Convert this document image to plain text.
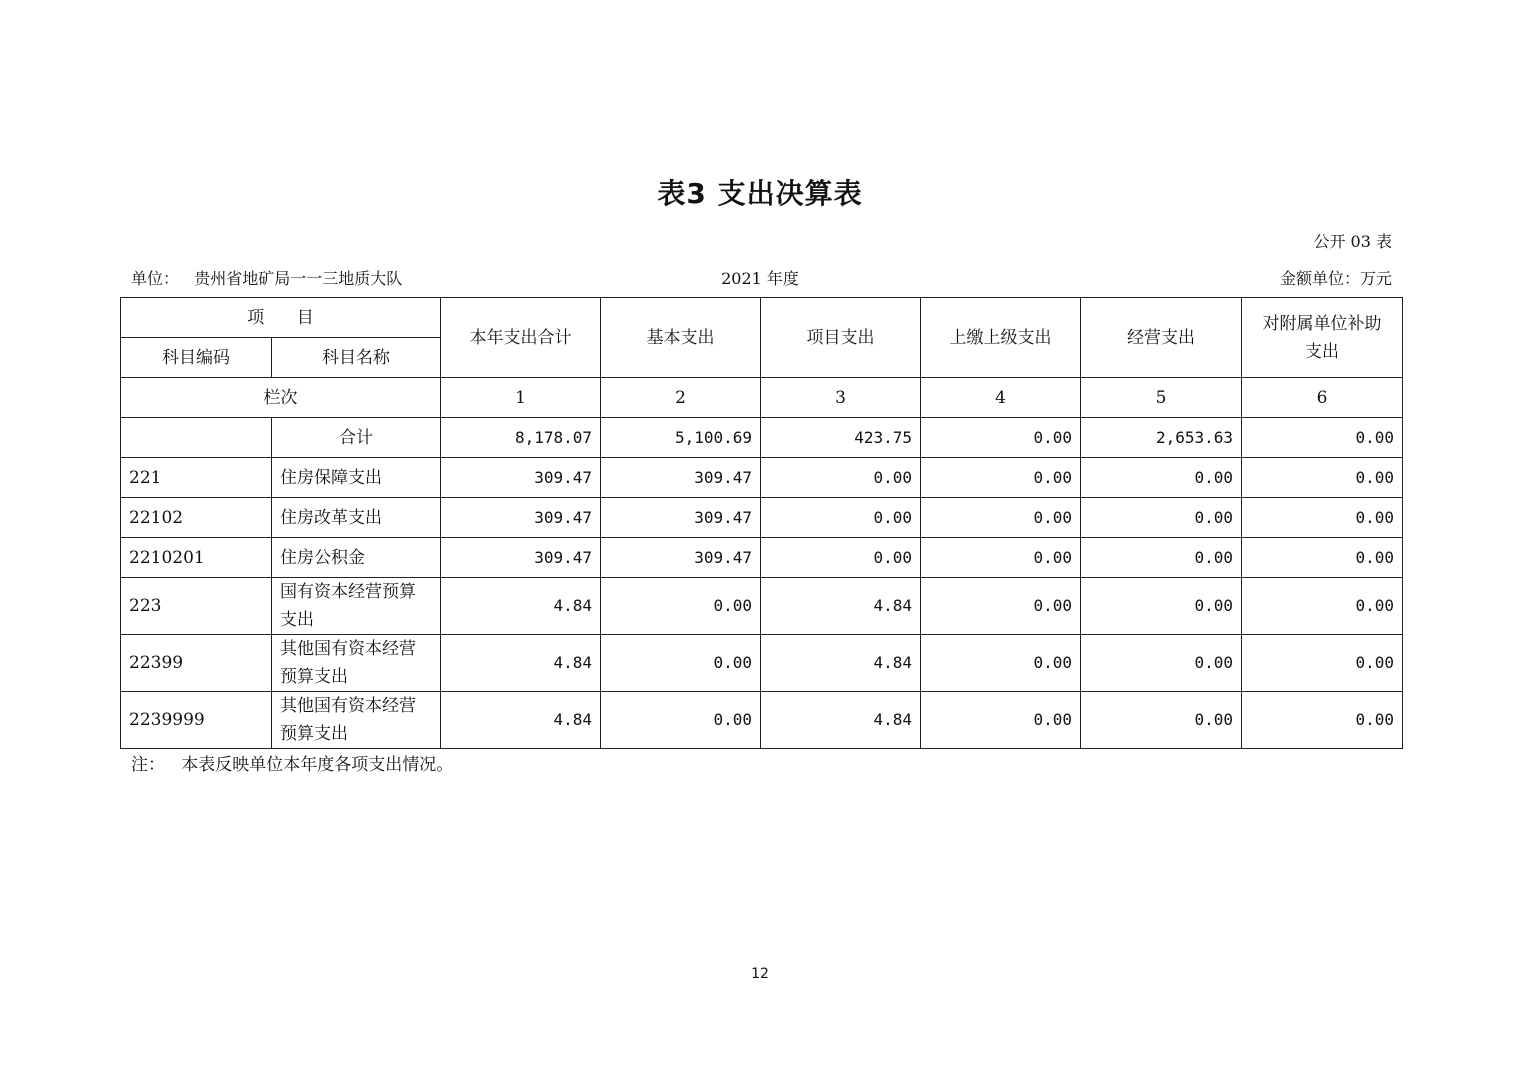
表3 支出决算表
公开 03 表
单位： 贵州省地矿局一一三地质大队	2021 年度	金额单位：万元
项      目		本年支出合计	基本支出	项目支出	上缴上级支出	经营支出	对附属单位补助支出
科目编码	科目名称						
栏次		1	2	3	4	5	6
	合计	8,178.07	5,100.69	423.75	0.00	2,653.63	0.00
221	住房保障支出	309.47	309.47	0.00	0.00	0.00	0.00
22102	住房改革支出	309.47	309.47	0.00	0.00	0.00	0.00
2210201	住房公积金	309.47	309.47	0.00	0.00	0.00	0.00
223	国有资本经营预算支出	4.84	0.00	4.84	0.00	0.00	0.00
22399	其他国有资本经营预算支出	4.84	0.00	4.84	0.00	0.00	0.00
2239999	其他国有资本经营预算支出	4.84	0.00	4.84	0.00	0.00	0.00
注：   本表反映单位本年度各项支出情况。
12
